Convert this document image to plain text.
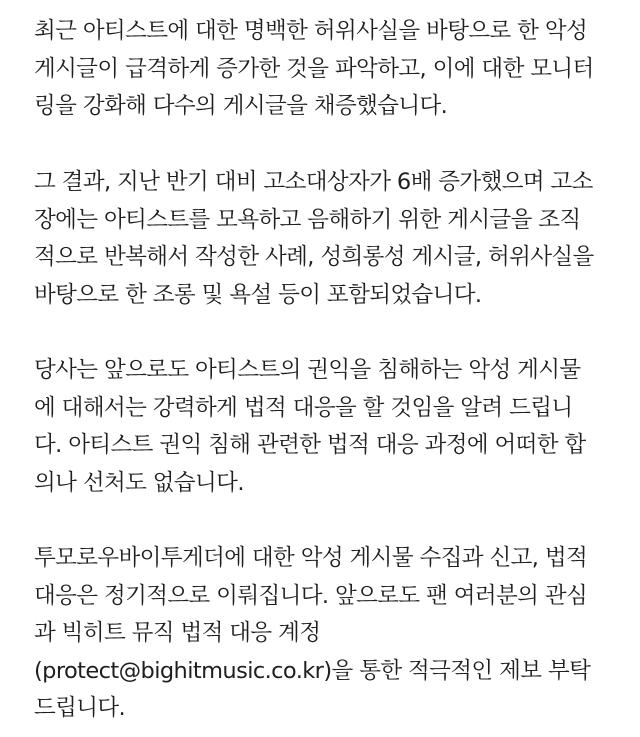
최근 아티스트에 대한 명백한 허위사실을 바탕으로 한 악성
게시글이 급격하게 증가한 것을 파악하고, 이에 대한 모니터
링을 강화해 다수의 게시글을 채증했습니다.
그 결과, 지난 반기 대비 고소대상자가 6배 증가했으며 고소
장에는 아티스트를 모욕하고 음해하기 위한 게시글을 조직
적으로 반복해서 작성한 사례, 성희롱성 게시글, 허위사실을
바탕으로 한 조롱 및 욕설 등이 포함되었습니다.
당사는 앞으로도 아티스트의 권익을 침해하는 악성 게시물
에 대해서는 강력하게 법적 대응을 할 것임을 알려 드립니
다. 아티스트 권익 침해 관련한 법적 대응 과정에 어떠한 합
의나 선처도 없습니다.
투모로우바이투게더에 대한 악성 게시물 수집과 신고, 법적
대응은 정기적으로 이뤄집니다. 앞으로도 팬 여러분의 관심
과 빅히트 뮤직 법적 대응 계정
(protect@bighitmusic.co.kr)을 통한 적극적인 제보 부탁
드립니다.
